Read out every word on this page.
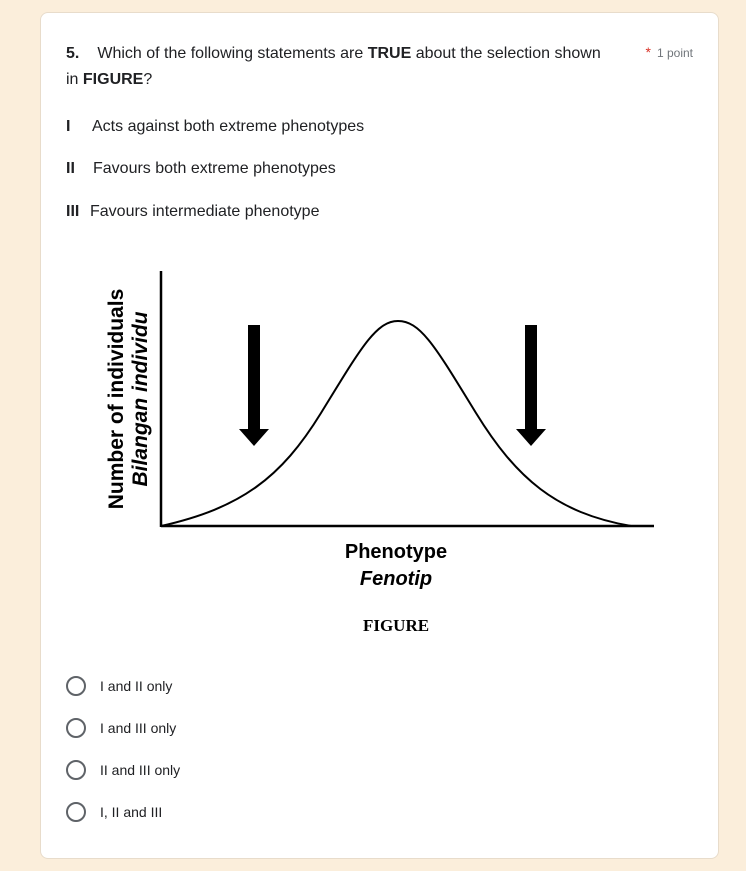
5. Which of the following statements are TRUE about the selection shown in FIGURE?
* 1 point
I Acts against both extreme phenotypes
II Favours both extreme phenotypes
III Favours intermediate phenotype
Number of individuals Bilangan individu
Phenotype
Fenotip
FIGURE
I and II only
I and III only
II and III only
I, II and III
